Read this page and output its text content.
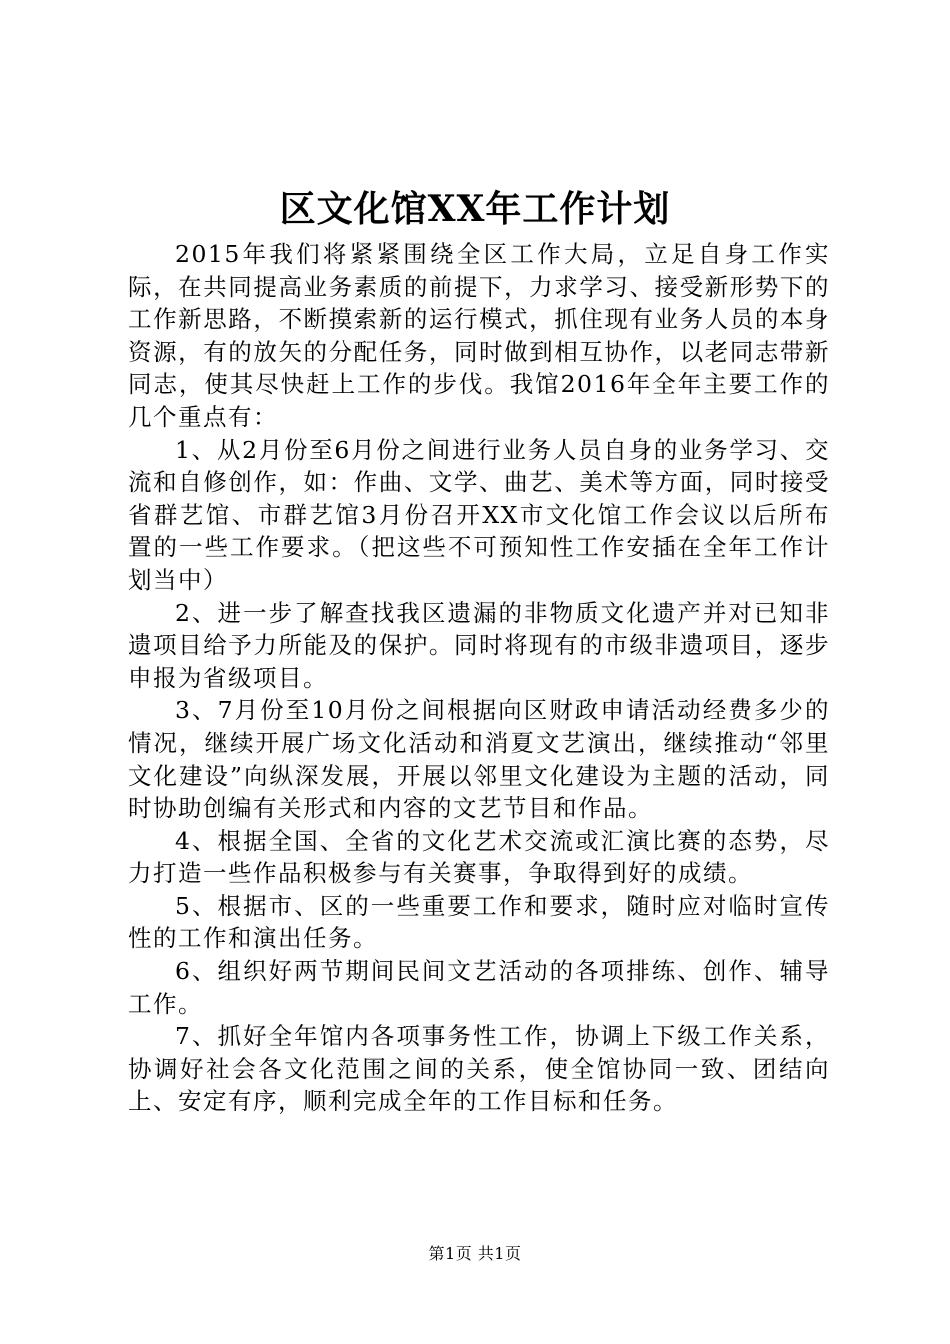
区文化馆XX年工作计划

2015年我们将紧紧围绕全区工作大局，立足自身工作实际，在共同提高业务素质的前提下，力求学习、接受新形势下的工作新思路，不断摸索新的运行模式，抓住现有业务人员的本身资源，有的放矢的分配任务，同时做到相互协作，以老同志带新同志，使其尽快赶上工作的步伐。我馆2016年全年主要工作的几个重点有：

1、从2月份至6月份之间进行业务人员自身的业务学习、交流和自修创作，如：作曲、文学、曲艺、美术等方面，同时接受省群艺馆、市群艺馆3月份召开XX市文化馆工作会议以后所布置的一些工作要求。（把这些不可预知性工作安插在全年工作计划当中）

2、进一步了解查找我区遗漏的非物质文化遗产并对已知非遗项目给予力所能及的保护。同时将现有的市级非遗项目，逐步申报为省级项目。

3、7月份至10月份之间根据向区财政申请活动经费多少的情况，继续开展广场文化活动和消夏文艺演出，继续推动“邻里文化建设”向纵深发展，开展以邻里文化建设为主题的活动，同时协助创编有关形式和内容的文艺节目和作品。

4、根据全国、全省的文化艺术交流或汇演比赛的态势，尽力打造一些作品积极参与有关赛事，争取得到好的成绩。

5、根据市、区的一些重要工作和要求，随时应对临时宣传性的工作和演出任务。

6、组织好两节期间民间文艺活动的各项排练、创作、辅导工作。

7、抓好全年馆内各项事务性工作，协调上下级工作关系，协调好社会各文化范围之间的关系，使全馆协同一致、团结向上、安定有序，顺利完成全年的工作目标和任务。

第1页 共1页
